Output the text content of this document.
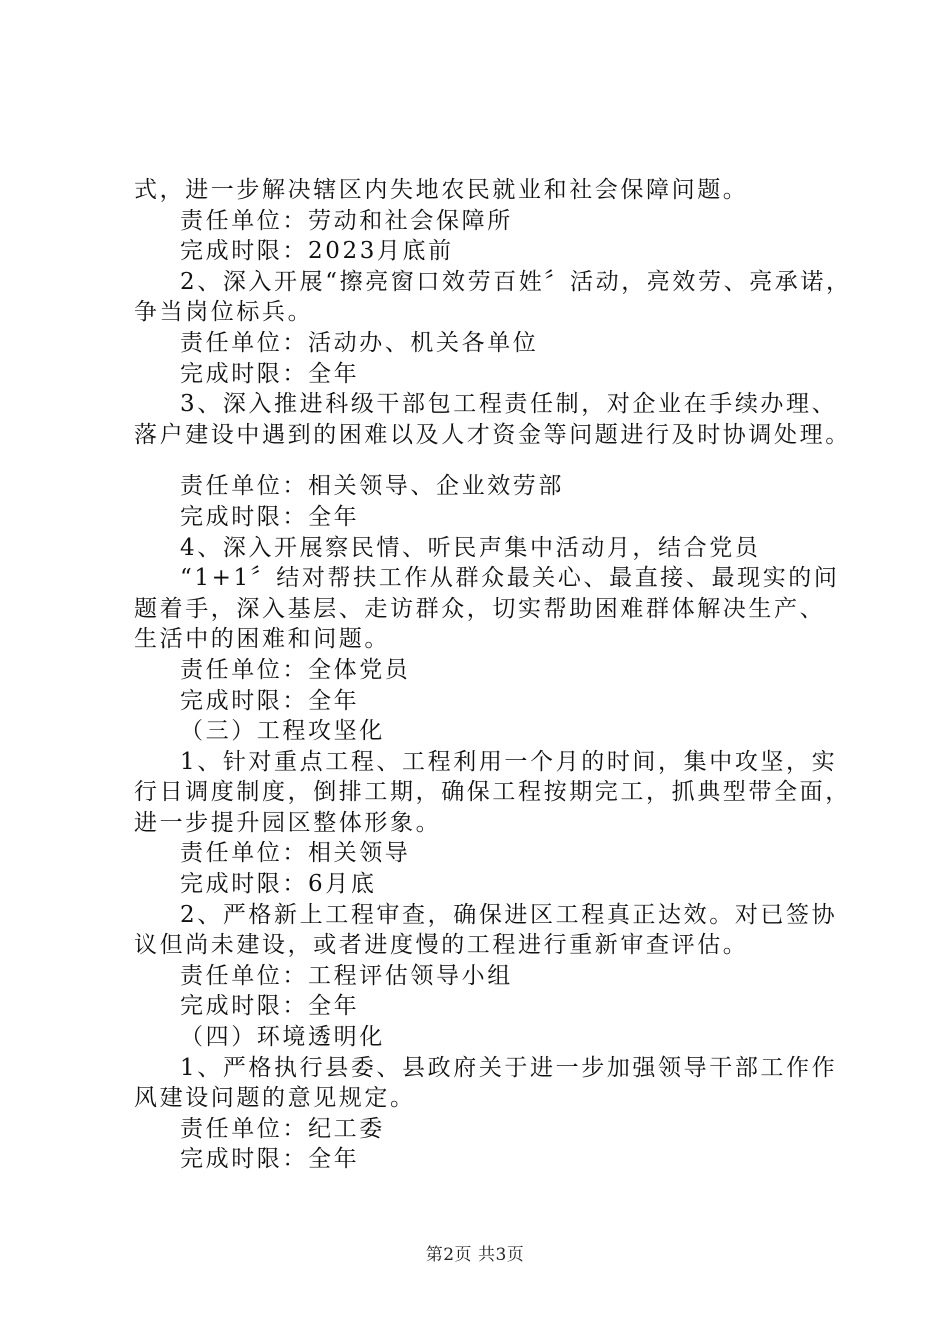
式，进一步解决辖区内失地农民就业和社会保障问题。
责任单位：劳动和社会保障所
完成时限：2023月底前
2、深入开展“擦亮窗口效劳百姓〞活动，亮效劳、亮承诺，
争当岗位标兵。
责任单位：活动办、机关各单位
完成时限：全年
3、深入推进科级干部包工程责任制，对企业在手续办理、
落户建设中遇到的困难以及人才资金等问题进行及时协调处理。
责任单位：相关领导、企业效劳部
完成时限：全年
4、深入开展察民情、听民声集中活动月，结合党员
“1+1〞结对帮扶工作从群众最关心、最直接、最现实的问
题着手，深入基层、走访群众，切实帮助困难群体解决生产、
生活中的困难和问题。
责任单位：全体党员
完成时限：全年
（三）工程攻坚化
1、针对重点工程、工程利用一个月的时间，集中攻坚，实
行日调度制度，倒排工期，确保工程按期完工，抓典型带全面，
进一步提升园区整体形象。
责任单位：相关领导
完成时限：6月底
2、严格新上工程审查，确保进区工程真正达效。对已签协
议但尚未建设，或者进度慢的工程进行重新审查评估。
责任单位：工程评估领导小组
完成时限：全年
（四）环境透明化
1、严格执行县委、县政府关于进一步加强领导干部工作作
风建设问题的意见规定。
责任单位：纪工委
完成时限：全年
第2页 共3页
